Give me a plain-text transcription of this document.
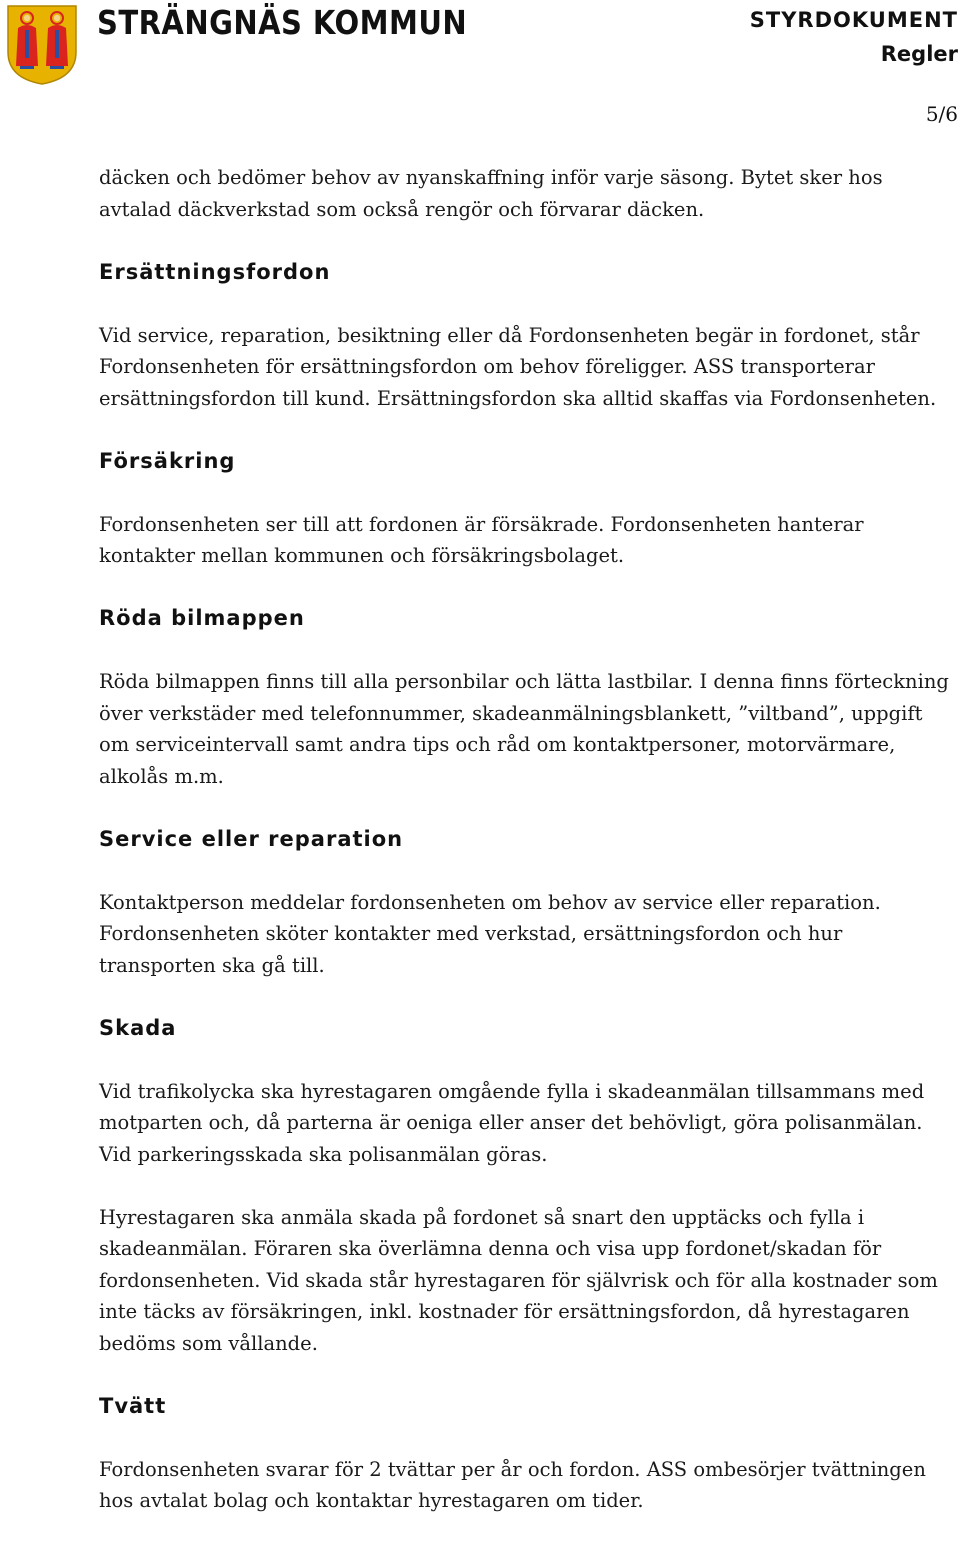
STRÄNGNÄS KOMMUN	STYRDOKUMENT
Regler
5/6

däcken och bedömer behov av nyanskaffning inför varje säsong. Bytet sker hos avtalad däckverkstad som också rengör och förvarar däcken.

Ersättningsfordon

Vid service, reparation, besiktning eller då Fordonsenheten begär in fordonet, står Fordonsenheten för ersättningsfordon om behov föreligger. ASS transporterar ersättningsfordon till kund. Ersättningsfordon ska alltid skaffas via Fordonsenheten.

Försäkring

Fordonsenheten ser till att fordonen är försäkrade. Fordonsenheten hanterar kontakter mellan kommunen och försäkringsbolaget.

Röda bilmappen

Röda bilmappen finns till alla personbilar och lätta lastbilar. I denna finns förteckning över verkstäder med telefonnummer, skadeanmälningsblankett, ”viltband”, uppgift om serviceintervall samt andra tips och råd om kontaktpersoner, motorvärmare, alkolås m.m.

Service eller reparation

Kontaktperson meddelar fordonsenheten om behov av service eller reparation. Fordonsenheten sköter kontakter med verkstad, ersättningsfordon och hur transporten ska gå till.

Skada

Vid trafikolycka ska hyrestagaren omgående fylla i skadeanmälan tillsammans med motparten och, då parterna är oeniga eller anser det behövligt, göra polisanmälan. Vid parkeringsskada ska polisanmälan göras.

Hyrestagaren ska anmäla skada på fordonet så snart den upptäcks och fylla i skadeanmälan. Föraren ska överlämna denna och visa upp fordonet/skadan för fordonsenheten. Vid skada står hyrestagaren för självrisk och för alla kostnader som inte täcks av försäkringen, inkl. kostnader för ersättningsfordon, då hyrestagaren bedöms som vållande.

Tvätt

Fordonsenheten svarar för 2 tvättar per år och fordon. ASS ombesörjer tvättningen hos avtalat bolag och kontaktar hyrestagaren om tider.
